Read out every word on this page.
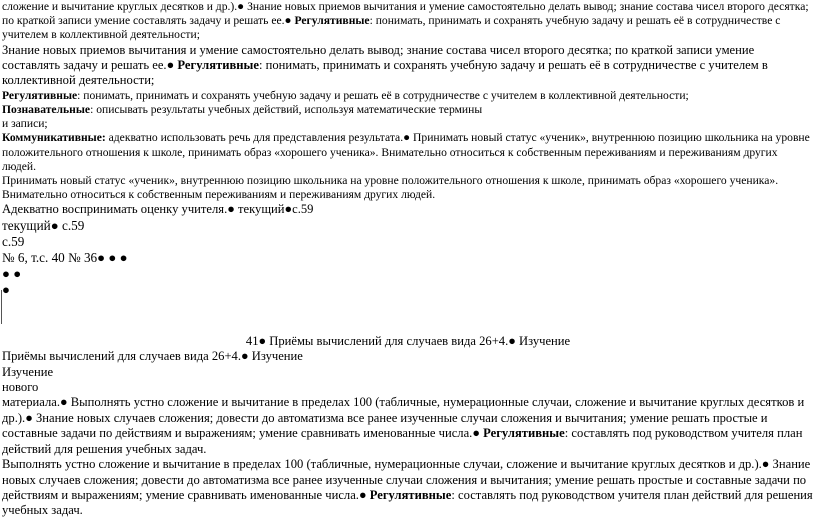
сложение и вычитание круглых десятков и др.).● Знание новых приемов вычитания и умение самостоятельно делать вывод; знание состава чисел второго десятка; по краткой записи умение составлять задачу и решать ее.● Регулятивные: понимать, принимать и сохранять учебную задачу и решать её в сотрудничестве с учителем в коллективной деятельности;

Знание новых приемов вычитания и умение самостоятельно делать вывод; знание состава чисел второго десятка; по краткой записи умение составлять задачу и решать ее.● Регулятивные: понимать, принимать и сохранять учебную задачу и решать её в сотрудничестве с учителем в коллективной деятельности;

Регулятивные: понимать, принимать и сохранять учебную задачу и решать её в сотрудничестве с учителем в коллективной деятельности;

Познавательные: описывать результаты учебных действий, используя математические термины
и записи;

Коммуникативные: адекватно использовать речь для представления результата.● Принимать новый статус «ученик», внутреннюю позицию школьника на уровне положительного отношения к школе, принимать образ «хорошего ученика». Внимательно относиться к собственным переживаниям и переживаниям других людей.

Принимать новый статус «ученик», внутреннюю позицию школьника на уровне положительного отношения к школе, принимать образ «хорошего ученика». Внимательно относиться к собственным переживаниям и переживаниям других людей.

Адекватно воспринимать оценку учителя.● текущий●с.59

текущий● с.59

с.59

№ 6, т.с. 40 № 36● ● ●

● ●

●

41● Приёмы вычислений для случаев вида 26+4.● Изучение

Приёмы вычислений для случаев вида 26+4.● Изучение

Изучение

нового

материала.● Выполнять устно сложение и вычитание в пределах 100 (табличные, нумерационные случаи, сложение и вычитание круглых десятков и др.).● Знание новых случаев сложения; довести до автоматизма все ранее изученные случаи сложения и вычитания; умение решать простые и составные задачи по действиям и выражениям; умение сравнивать именованные числа.● Регулятивные: составлять под руководством учителя план действий для решения учебных задач.

Выполнять устно сложение и вычитание в пределах 100 (табличные, нумерационные случаи, сложение и вычитание круглых десятков и др.).● Знание новых случаев сложения; довести до автоматизма все ранее изученные случаи сложения и вычитания; умение решать простые и составные задачи по действиям и выражениям; умение сравнивать именованные числа.● Регулятивные: составлять под руководством учителя план действий для решения учебных задач.
